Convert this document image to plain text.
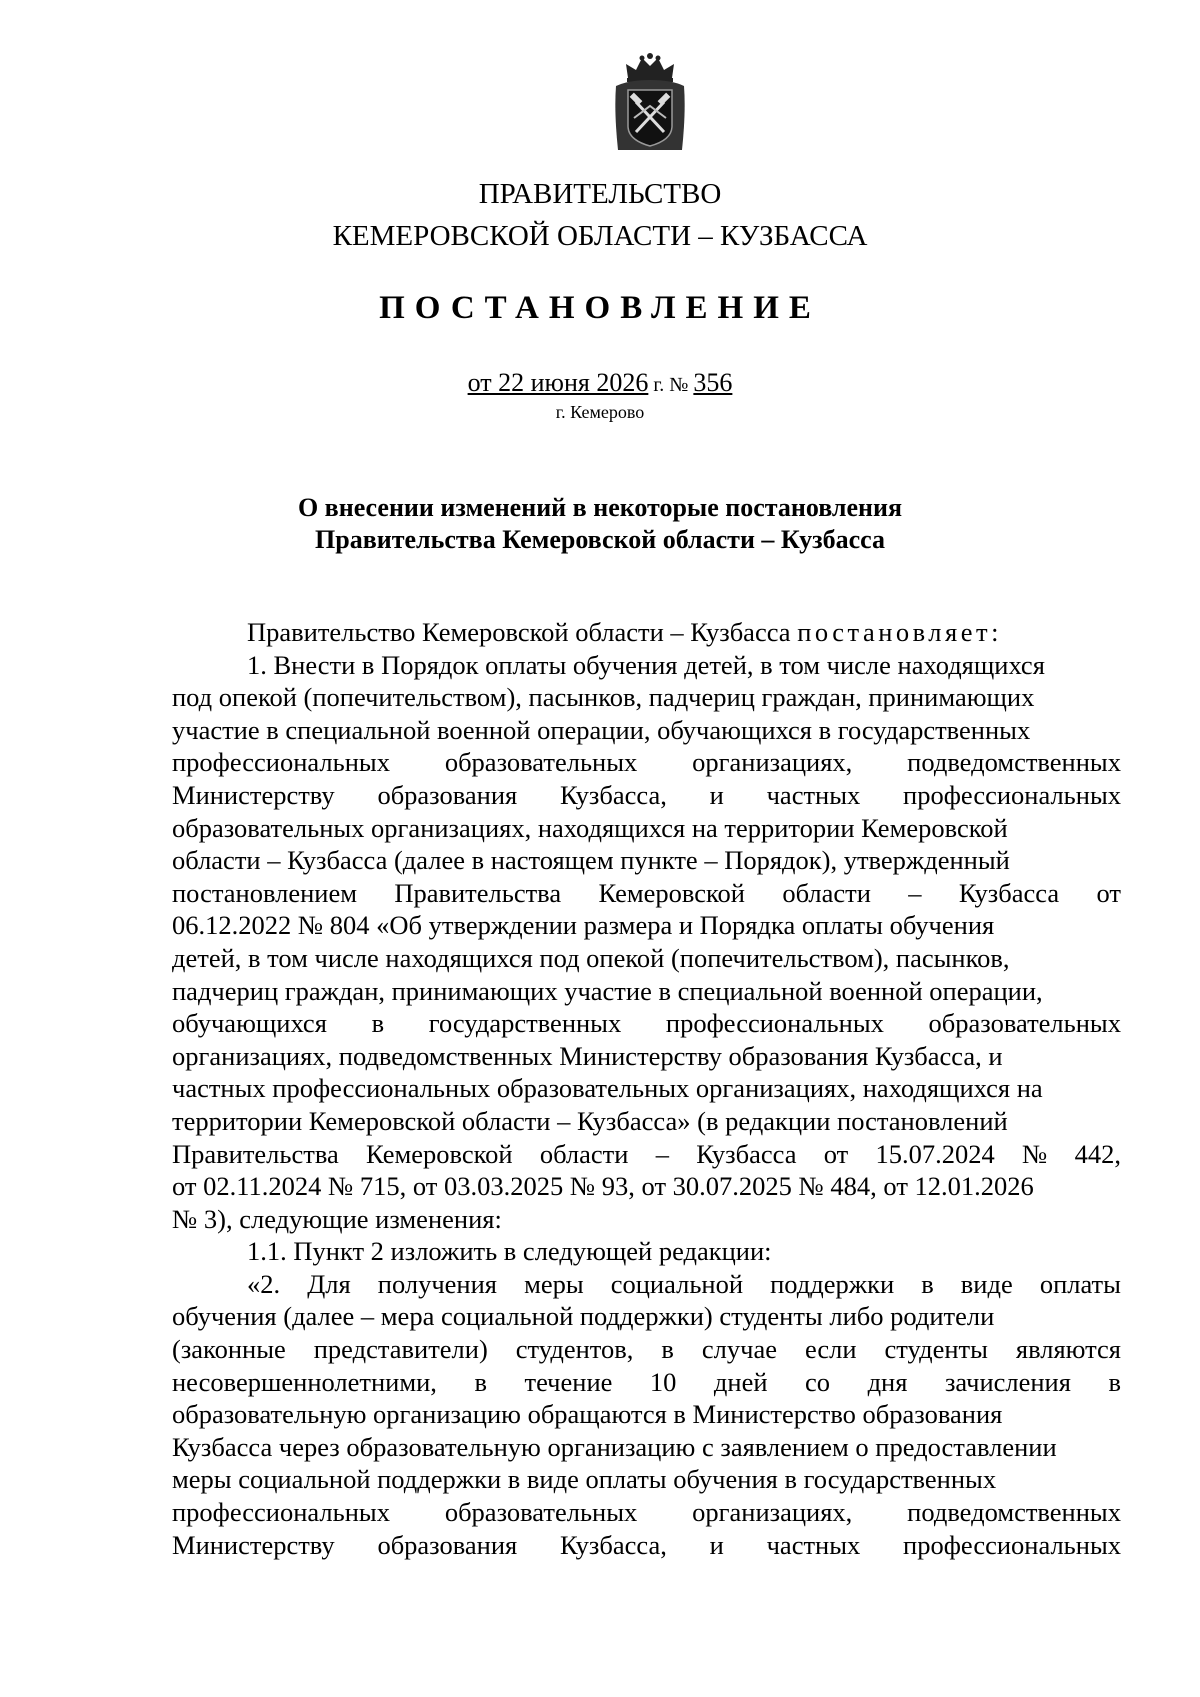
ПРАВИТЕЛЬСТВО
КЕМЕРОВСКОЙ ОБЛАСТИ – КУЗБАССА
ПОСТАНОВЛЕНИЕ
от 22 июня 2026 г. № 356
г. Кемерово
О внесении изменений в некоторые постановления
Правительства Кемеровской области – Кузбасса
Правительство Кемеровской области – Кузбасса постановляет:
1. Внести в Порядок оплаты обучения детей, в том числе находящихся
под опекой (попечительством), пасынков, падчериц граждан, принимающих
участие в специальной военной операции, обучающихся в государственных
профессиональных образовательных организациях, подведомственных
Министерству образования Кузбасса, и частных профессиональных
образовательных организациях, находящихся на территории Кемеровской
области – Кузбасса (далее в настоящем пункте – Порядок), утвержденный
постановлением Правительства Кемеровской области – Кузбасса от
06.12.2022 № 804 «Об утверждении размера и Порядка оплаты обучения
детей, в том числе находящихся под опекой (попечительством), пасынков,
падчериц граждан, принимающих участие в специальной военной операции,
обучающихся в государственных профессиональных образовательных
организациях, подведомственных Министерству образования Кузбасса, и
частных профессиональных образовательных организациях, находящихся на
территории Кемеровской области – Кузбасса» (в редакции постановлений
Правительства Кемеровской области – Кузбасса от 15.07.2024 № 442,
от 02.11.2024 № 715, от 03.03.2025 № 93, от 30.07.2025 № 484, от 12.01.2026
№ 3), следующие изменения:
1.1. Пункт 2 изложить в следующей редакции:
«2. Для получения меры социальной поддержки в виде оплаты
обучения (далее – мера социальной поддержки) студенты либо родители
(законные представители) студентов, в случае если студенты являются
несовершеннолетними, в течение 10 дней со дня зачисления в
образовательную организацию обращаются в Министерство образования
Кузбасса через образовательную организацию с заявлением о предоставлении
меры социальной поддержки в виде оплаты обучения в государственных
профессиональных образовательных организациях, подведомственных
Министерству образования Кузбасса, и частных профессиональных
